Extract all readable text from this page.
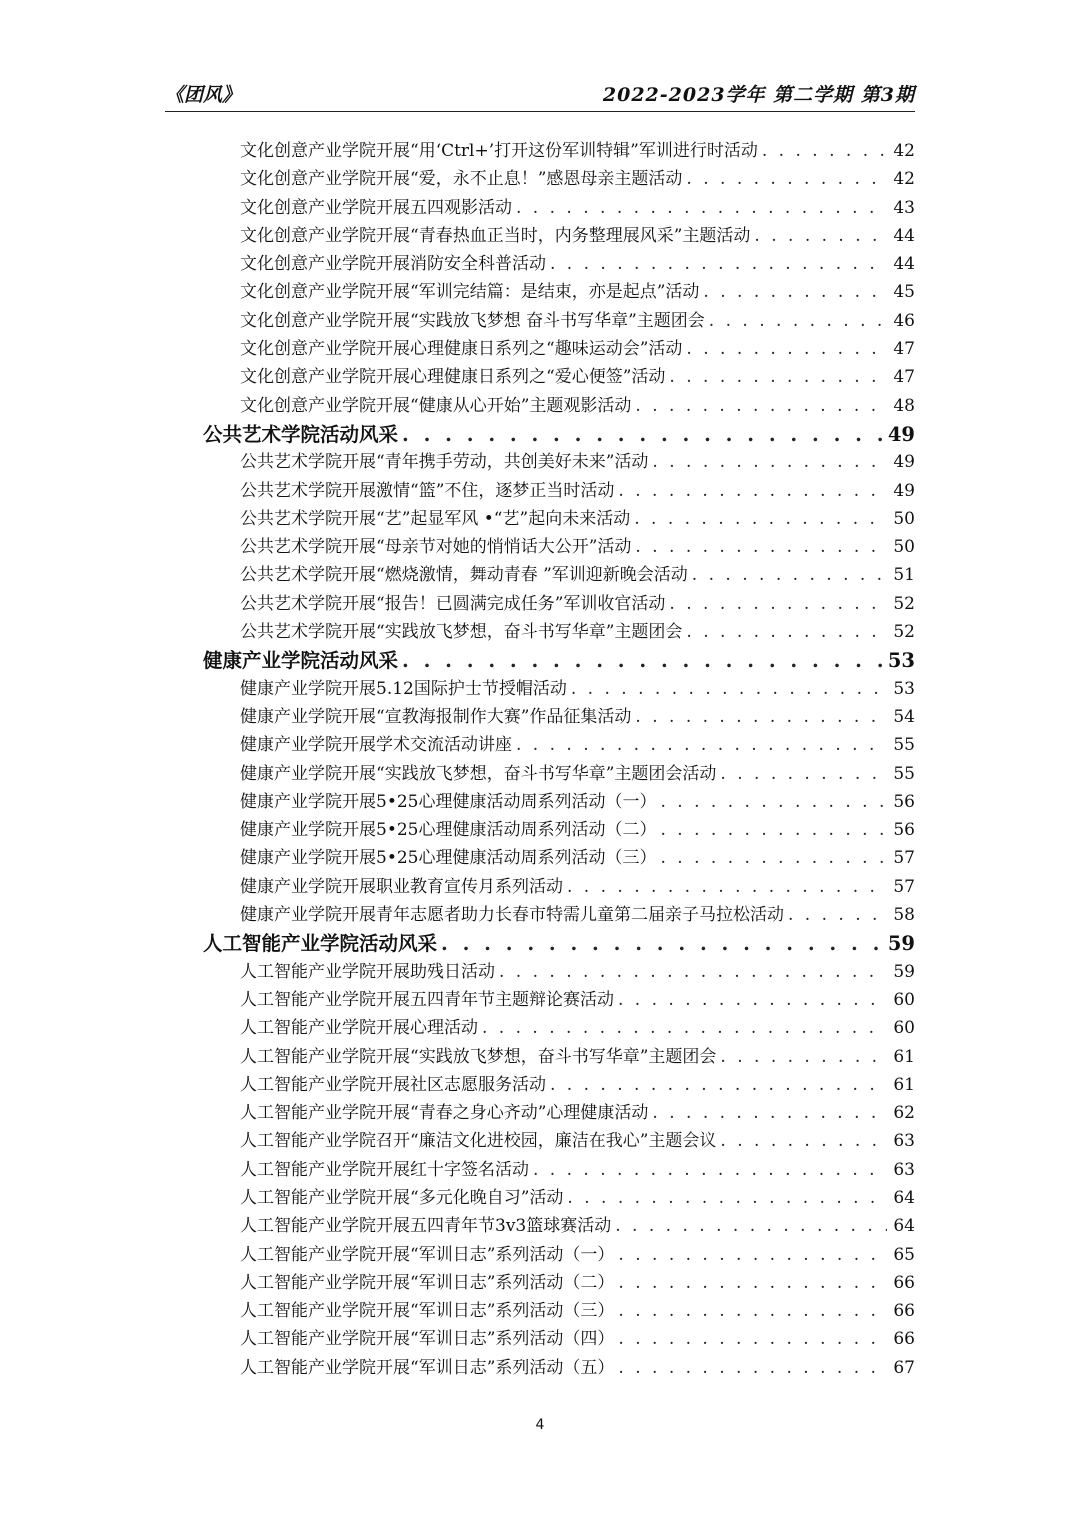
《团风》	2022-2023学年 第二学期 第3期
文化创意产业学院开展“用‘Ctrl+’打开这份军训特辑”军训进行时活动 . . .	42
文化创意产业学院开展“爱，永不止息！”感恩母亲主题活动 . . .	42
文化创意产业学院开展五四观影活动 . . .	43
文化创意产业学院开展“青春热血正当时，内务整理展风采”主题活动 . . .	44
文化创意产业学院开展消防安全科普活动 . . .	44
文化创意产业学院开展“军训完结篇：是结束，亦是起点”活动 . . .	45
文化创意产业学院开展“实践放飞梦想 奋斗书写华章”主题团会 . . .	46
文化创意产业学院开展心理健康日系列之“趣味运动会”活动 . . .	47
文化创意产业学院开展心理健康日系列之“爱心便签”活动 . . .	47
文化创意产业学院开展“健康从心开始”主题观影活动 . . .	48
公共艺术学院活动风采 . . .	49
公共艺术学院开展“青年携手劳动，共创美好未来”活动 . . .	49
公共艺术学院开展激情“篮”不住，逐梦正当时活动 . . .	49
公共艺术学院开展“艺”起显军风 •“艺”起向未来活动 . . .	50
公共艺术学院开展“母亲节对她的悄悄话大公开”活动 . . .	50
公共艺术学院开展“燃烧激情，舞动青春 ”军训迎新晚会活动 . . .	51
公共艺术学院开展“报告！已圆满完成任务”军训收官活动 . . .	52
公共艺术学院开展“实践放飞梦想，奋斗书写华章”主题团会 . . .	52
健康产业学院活动风采 . . .	53
健康产业学院开展5.12国际护士节授帽活动 . . .	53
健康产业学院开展“宣教海报制作大赛”作品征集活动 . . .	54
健康产业学院开展学术交流活动讲座 . . .	55
健康产业学院开展“实践放飞梦想，奋斗书写华章”主题团会活动 . . .	55
健康产业学院开展5•25心理健康活动周系列活动（一） . . .	56
健康产业学院开展5•25心理健康活动周系列活动（二） . . .	56
健康产业学院开展5•25心理健康活动周系列活动（三） . . .	57
健康产业学院开展职业教育宣传月系列活动 . . .	57
健康产业学院开展青年志愿者助力长春市特需儿童第二届亲子马拉松活动 . . .	58
人工智能产业学院活动风采 . . .	59
人工智能产业学院开展助残日活动 . . .	59
人工智能产业学院开展五四青年节主题辩论赛活动 . . .	60
人工智能产业学院开展心理活动 . . .	60
人工智能产业学院开展“实践放飞梦想，奋斗书写华章”主题团会 . . .	61
人工智能产业学院开展社区志愿服务活动 . . .	61
人工智能产业学院开展“青春之身心齐动”心理健康活动 . . .	62
人工智能产业学院召开“廉洁文化进校园，廉洁在我心”主题会议 . . .	63
人工智能产业学院开展红十字签名活动 . . .	63
人工智能产业学院开展“多元化晚自习”活动 . . .	64
人工智能产业学院开展五四青年节3v3篮球赛活动 . . .	64
人工智能产业学院开展“军训日志”系列活动（一） . . .	65
人工智能产业学院开展“军训日志”系列活动（二） . . .	66
人工智能产业学院开展“军训日志”系列活动（三） . . .	66
人工智能产业学院开展“军训日志”系列活动（四） . . .	66
人工智能产业学院开展“军训日志”系列活动（五） . . .	67
4
